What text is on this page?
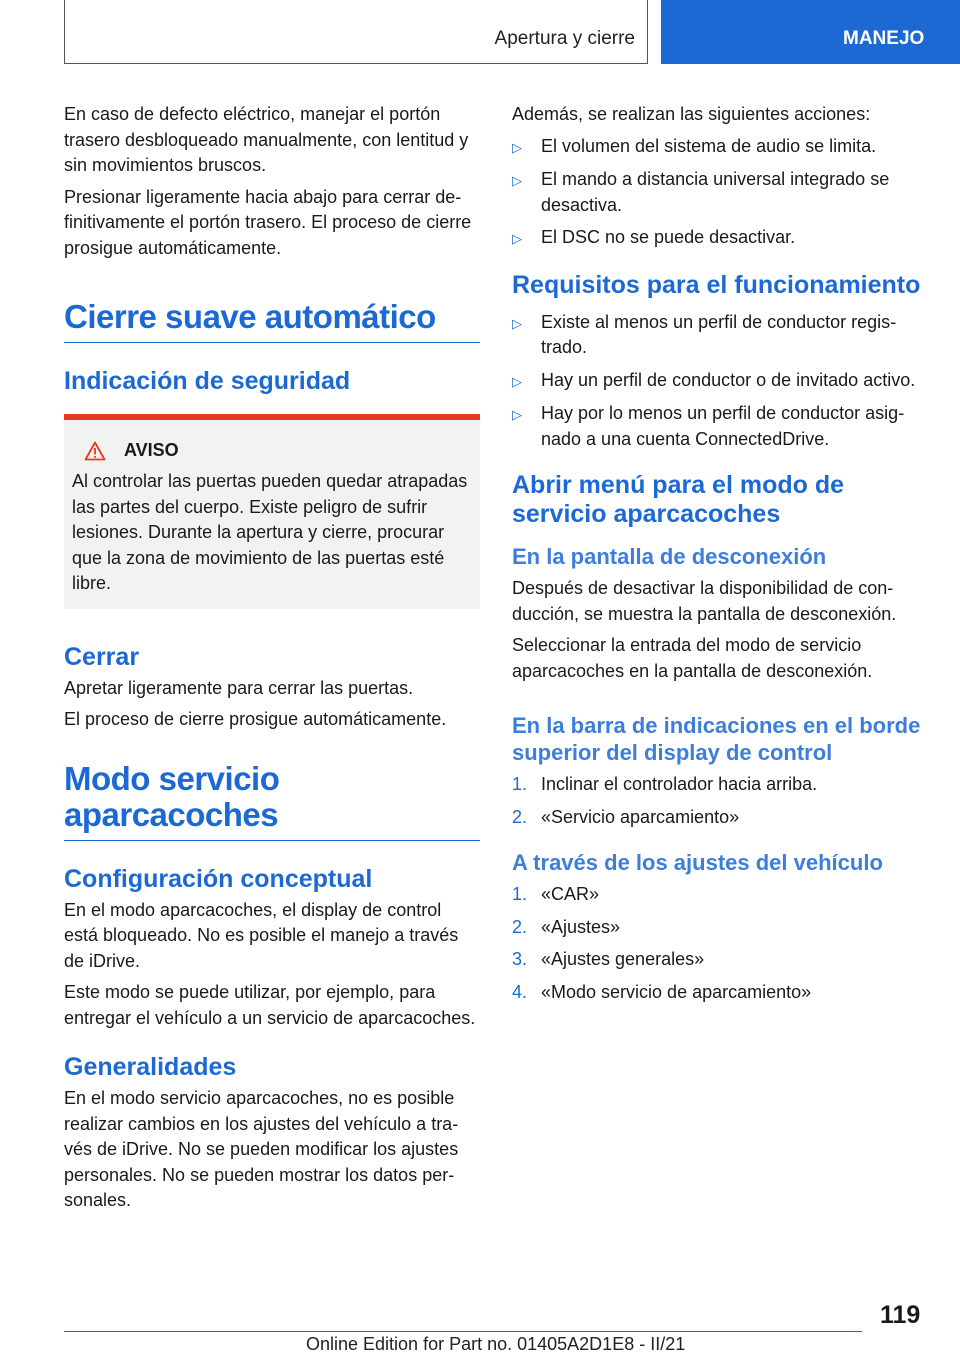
Apertura y cierre	MANEJO

En caso de defecto eléctrico, manejar el portón trasero desbloqueado manualmente, con lentitud y sin movimientos bruscos.

Presionar ligeramente hacia abajo para cerrar definitivamente el portón trasero. El proceso de cierre prosigue automáticamente.

Cierre suave automático
Indicación de seguridad
AVISO

Al controlar las puertas pueden quedar atrapadas las partes del cuerpo. Existe peligro de sufrir lesiones. Durante la apertura y cierre, procurar que la zona de movimiento de las puertas esté libre.

Cerrar

Apretar ligeramente para cerrar las puertas.

El proceso de cierre prosigue automáticamente.

Modo servicio aparcacoches
Configuración conceptual

En el modo aparcacoches, el display de control está bloqueado. No es posible el manejo a través de iDrive.

Este modo se puede utilizar, por ejemplo, para entregar el vehículo a un servicio de aparcacoches.

Generalidades

En el modo servicio aparcacoches, no es posible realizar cambios en los ajustes del vehículo a través de iDrive. No se pueden modificar los ajustes personales. No se pueden mostrar los datos personales.

Además, se realizan las siguientes acciones:

▷	El volumen del sistema de audio se limita.
▷	El mando a distancia universal integrado se desactiva.
▷	El DSC no se puede desactivar.
Requisitos para el funcionamiento
▷	Existe al menos un perfil de conductor registrado.
▷	Hay un perfil de conductor o de invitado activo.
▷	Hay por lo menos un perfil de conductor asignado a una cuenta ConnectedDrive.
Abrir menú para el modo de servicio aparcacoches
En la pantalla de desconexión

Después de desactivar la disponibilidad de conducción, se muestra la pantalla de desconexión.

Seleccionar la entrada del modo de servicio aparcacoches en la pantalla de desconexión.

En la barra de indicaciones en el borde superior del display de control
1. Inclinar el controlador hacia arriba.
2. «Servicio aparcamiento»
A través de los ajustes del vehículo
1. «CAR»
2. «Ajustes»
3. «Ajustes generales»
4. «Modo servicio de aparcamiento»
119
Online Edition for Part no. 01405A2D1E8 - II/21
